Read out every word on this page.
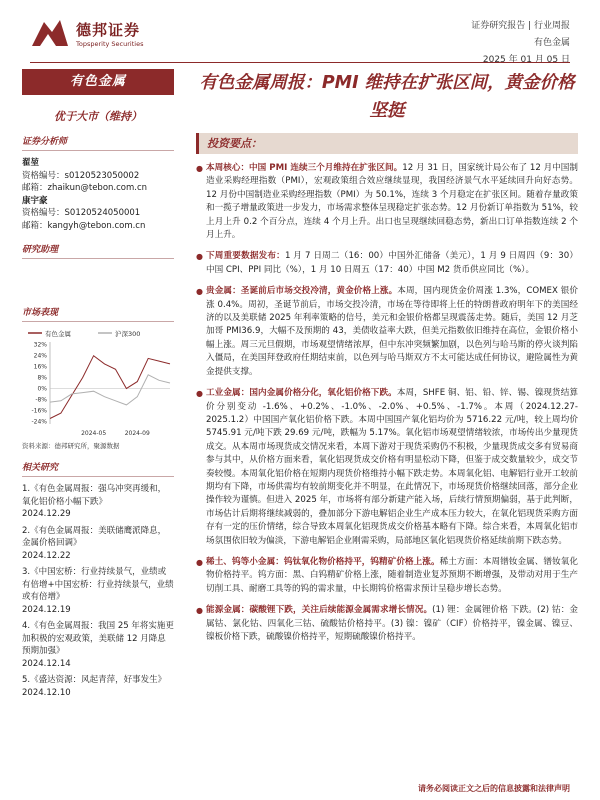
德邦证券
Topsperity Securities
证券研究报告 | 行业周报
有色金属
2025 年 01 月 05 日
有色金属
优于大市（维持）
证券分析师
翟堃
资格编号：s0120523050002
邮箱：zhaikun@tebon.com.cn
康宇豪
资格编号：S0120524050001
邮箱：kangyh@tebon.com.cn
研究助理
市场表现
有色金属	沪深300
32%
24%
16%
8%
0%
-8%
-16%
-24%
2024-05	2024-09
资料来源：德邦研究所，聚源数据
相关研究
1.《有色金属周报：强乌冲突再缓和，氧化铝价格小幅下跌》
2024.12.29
2.《有色金属周报：美联储鹰派降息，金属价格回调》
2024.12.22
3.《中国宏桥：行业持续景气，业绩或有倍增+中国宏桥：行业持续景气，业绩或有倍增》
2024.12.19
4.《有色金属周报：我国 25 年将实施更加积极的宏观政策，美联储 12 月降息预期加强》
2024.12.14
5.《盛达资源：风起青萍，好事发生》
2024.12.10
有色金属周报：PMI 维持在扩张区间，黄金价格坚挺
投资要点：
● 本周核心：中国 PMI 连续三个月维持在扩张区间。12 月 31 日，国家统计局公布了 12 月中国制造业采购经理指数（PMI），宏观政策组合效应继续显现，我国经济景气水平延续回升向好态势。12 月份中国制造业采购经理指数（PMI）为 50.1%，连续 3 个月稳定在扩张区间。随着存量政策和一揽子增量政策进一步发力，市场需求整体呈现稳定扩张态势。12 月份新订单指数为 51%，较上月上升 0.2 个百分点，连续 4 个月上升。出口也呈现继续回稳态势，新出口订单指数连续 2 个月上升。
● 下周重要数据发布：1 月 7 日周二（16：00）中国外汇储备（美元），1 月 9 日周四（9：30）中国 CPI、PPI 同比（%），1 月 10 日周五（17：40）中国 M2 货币供应同比（%）。
● 贵金属：圣诞前后市场交投冷清，黄金价格上涨。本周，国内现货金价周涨 1.3%，COMEX 银价涨 0.4%。周初，圣诞节前后，市场交投冷清，市场在等待即将上任的特朗普政府明年下的美国经济的以及美联储 2025 年利率策略的信号，美元和金银价格都呈现震荡走势。随后，美国 12 月芝加哥 PMI36.9，大幅不及预期的 43，美债收益率大跌，但美元指数依旧维持在高位，金银价格小幅上涨。周三元旦假期，市场观望情绪浓厚，但中东冲突频繁加剧，以色列与哈马斯的停火谈判陷入僵局，在美国拜登政府任期结束前，以色列与哈马斯双方不太可能达成任何协议，避险属性为黄金提供支撑。
● 工业金属：国内金属价格分化，氧化铝价格下跌。本周，SHFE 铜、铝、铅、锌、锡、镍现货结算价分别变动 -1.6%、+0.2%、-1.0%、-2.0%、+0.5%、-1.7%。本周（2024.12.27-2025.1.2）中国国产氧化铝价格下跌。本周中国国产氧化铝均价为 5716.22 元/吨，较上周均价 5745.91 元/吨下跌 29.69 元/吨，跌幅为 5.17%。氧化铝市场观望情绪较浓，市场传出少量现货成交。从本周市场现货成交情况来看，本周下游对于现货采购仍不积极，少量现货成交多有贸易商参与其中，从价格方面来看，氧化铝现货成交价格有明显松动下降，但鉴于成交数量较少，成交节奏较慢。本周氧化铝价格在短期内现货价格维持小幅下跌走势。本周氧化铝、电解铝行业开工较前期均有下降，市场供需均有较前期变化并不明显，在此情况下，市场现货价格继续回落，部分企业操作较为谨慎。但进入 2025 年，市场将有部分新建产能入场，后续行情预期偏弱，基于此判断，市场估计后期将继续减弱的，叠加部分下游电解铝企业生产成本压力较大，在氧化铝现货采购方面存有一定的压价情绪，综合导致本周氧化铝现货成交价格基本略有下降。综合来看，本周氧化铝市场氛围依旧较为偏淡，下游电解铝企业刚需采购，局部地区氧化铝现货价格延续前期下跌态势。
● 稀土、钨等小金属：钨钛氧化物价格持平，钨精矿价格上涨。稀土方面：本周镨钕金属、镨钕氧化物价格持平。钨方面：黑、白钨精矿价格上涨，随着制造业复苏预期不断增强，及带动对用于生产切削工具、耐磨工具等的钨的需求量，中长期钨价格需求预计呈稳步增长态势。
● 能源金属：碳酸锂下跌，关注后续能源金属需求增长情况。(1) 锂：金属锂价格 下跌。(2) 钴：金属钴、氯化钴、四氧化三钴、硫酸钴价格持平。(3) 镍：镍矿（CIF）价格持平，镍金属、镍豆、镍板价格下跌，硫酸镍价格持平，短期硫酸镍价格持平。
请务必阅读正文之后的信息披露和法律声明
